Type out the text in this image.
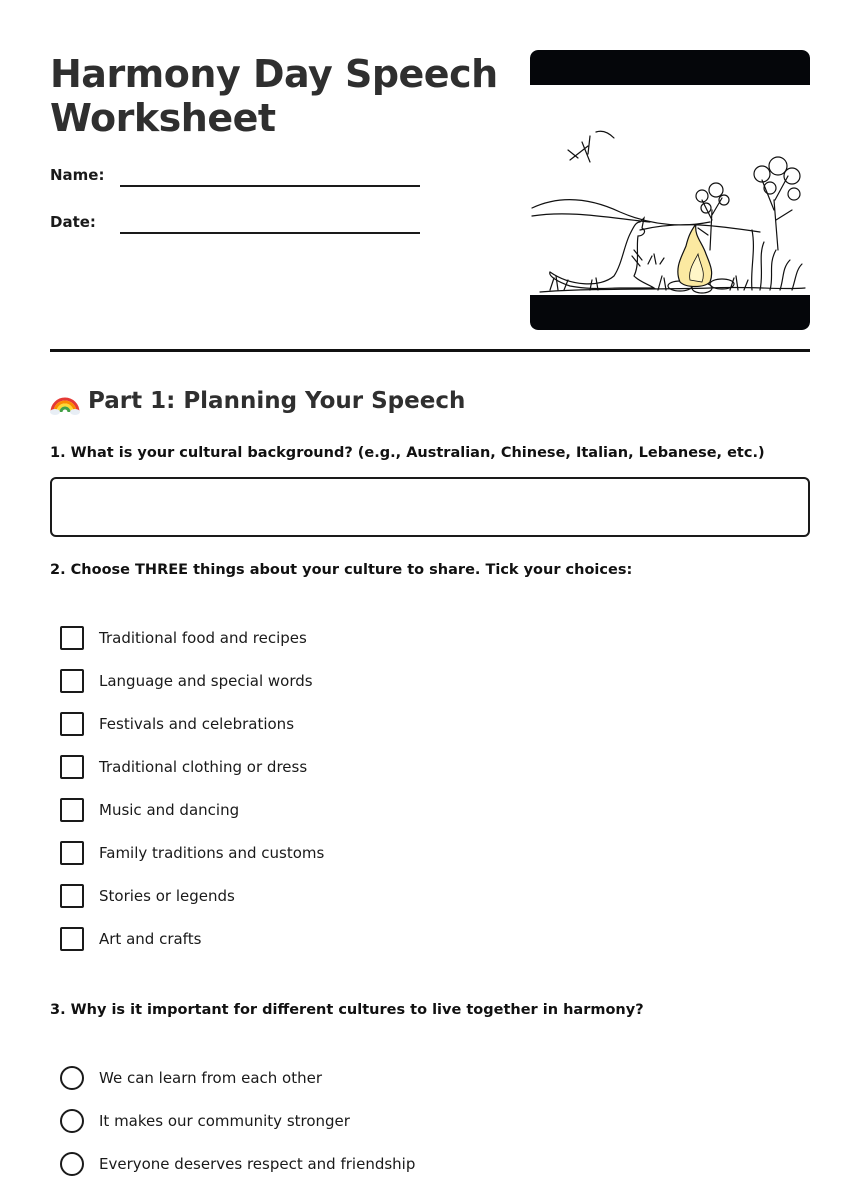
Harmony Day Speech Worksheet
Name:
Date:
Part 1: Planning Your Speech
1. What is your cultural background? (e.g., Australian, Chinese, Italian, Lebanese, etc.)
2. Choose THREE things about your culture to share. Tick your choices:
Traditional food and recipes
Language and special words
Festivals and celebrations
Traditional clothing or dress
Music and dancing
Family traditions and customs
Stories or legends
Art and crafts
3. Why is it important for different cultures to live together in harmony?
We can learn from each other
It makes our community stronger
Everyone deserves respect and friendship
